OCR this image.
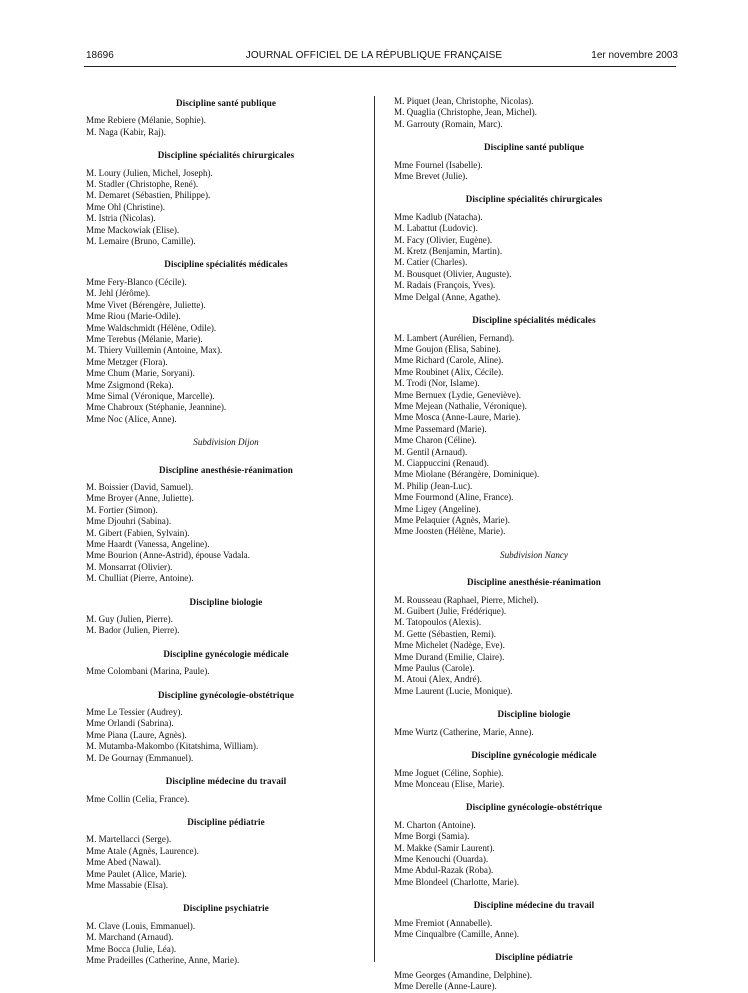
18696	JOURNAL OFFICIEL DE LA RÉPUBLIQUE FRANÇAISE	1er novembre 2003
Discipline santé publique
Mme Rebiere (Mélanie, Sophie).
M. Naga (Kabir, Raj).
Discipline spécialités chirurgicales
M. Loury (Julien, Michel, Joseph).
M. Stadler (Christophe, René).
M. Demaret (Sébastien, Philippe).
Mme Ohl (Christine).
M. Istria (Nicolas).
Mme Mackowiak (Elise).
M. Lemaire (Bruno, Camille).
Discipline spécialités médicales
Mme Fery-Blanco (Cécile).
M. Jehl (Jérôme).
Mme Vivet (Bérengère, Juliette).
Mme Riou (Marie-Odile).
Mme Waldschmidt (Hélène, Odile).
Mme Terebus (Mélanie, Marie).
M. Thiery Vuillemin (Antoine, Max).
Mme Metzger (Flora).
Mme Chum (Marie, Soryani).
Mme Zsigmond (Reka).
Mme Simal (Véronique, Marcelle).
Mme Chabroux (Stéphanie, Jeannine).
Mme Noc (Alice, Anne).
Subdivision Dijon
Discipline anesthésie-réanimation
M. Boissier (David, Samuel).
Mme Broyer (Anne, Juliette).
M. Fortier (Simon).
Mme Djouhri (Sabina).
M. Gibert (Fabien, Sylvain).
Mme Haardt (Vanessa, Angeline).
Mme Bourion (Anne-Astrid), épouse Vadala.
M. Monsarrat (Olivier).
M. Chulliat (Pierre, Antoine).
Discipline biologie
M. Guy (Julien, Pierre).
M. Bador (Julien, Pierre).
Discipline gynécologie médicale
Mme Colombani (Marina, Paule).
Discipline gynécologie-obstétrique
Mme Le Tessier (Audrey).
Mme Orlandi (Sabrina).
Mme Piana (Laure, Agnès).
M. Mutamba-Makombo (Kitatshima, William).
M. De Gournay (Emmanuel).
Discipline médecine du travail
Mme Collin (Celia, France).
Discipline pédiatrie
M. Martellacci (Serge).
Mme Atale (Agnès, Laurence).
Mme Abed (Nawal).
Mme Paulet (Alice, Marie).
Mme Massabie (Elsa).
Discipline psychiatrie
M. Clave (Louis, Emmanuel).
M. Marchand (Arnaud).
Mme Bocca (Julie, Léa).
Mme Pradeilles (Catherine, Anne, Marie).
M. Piquet (Jean, Christophe, Nicolas).
M. Quaglia (Christophe, Jean, Michel).
M. Garrouty (Romain, Marc).
Discipline santé publique
Mme Fournel (Isabelle).
Mme Brevet (Julie).
Discipline spécialités chirurgicales
Mme Kadlub (Natacha).
M. Labattut (Ludovic).
M. Facy (Olivier, Eugène).
M. Kretz (Benjamin, Martin).
M. Catier (Charles).
M. Bousquet (Olivier, Auguste).
M. Radais (François, Yves).
Mme Delgal (Anne, Agathe).
Discipline spécialités médicales
M. Lambert (Aurélien, Fernand).
Mme Goujon (Elisa, Sabine).
Mme Richard (Carole, Aline).
Mme Roubinet (Alix, Cécile).
M. Trodi (Nor, Islame).
Mme Bernuex (Lydie, Geneviève).
Mme Mejean (Nathalie, Véronique).
Mme Mosca (Anne-Laure, Marie).
Mme Passemard (Marie).
Mme Charon (Céline).
M. Gentil (Arnaud).
M. Ciappuccini (Renaud).
Mme Miolane (Bérangère, Dominique).
M. Philip (Jean-Luc).
Mme Fourmond (Aline, France).
Mme Ligey (Angeline).
Mme Pelaquier (Agnès, Marie).
Mme Joosten (Hélène, Marie).
Subdivision Nancy
Discipline anesthésie-réanimation
M. Rousseau (Raphael, Pierre, Michel).
M. Guibert (Julie, Frédérique).
M. Tatopoulos (Alexis).
M. Gette (Sébastien, Remi).
Mme Michelet (Nadège, Eve).
Mme Durand (Emilie, Claire).
Mme Paulus (Carole).
M. Atoui (Alex, André).
Mme Laurent (Lucie, Monique).
Discipline biologie
Mme Wurtz (Catherine, Marie, Anne).
Discipline gynécologie médicale
Mme Joguet (Céline, Sophie).
Mme Monceau (Elise, Marie).
Discipline gynécologie-obstétrique
M. Charton (Antoine).
Mme Borgi (Samia).
M. Makke (Samir Laurent).
Mme Kenouchi (Ouarda).
Mme Abdul-Razak (Roba).
Mme Blondeel (Charlotte, Marie).
Discipline médecine du travail
Mme Fremiot (Annabelle).
Mme Cinqualbre (Camille, Anne).
Discipline pédiatrie
Mme Georges (Amandine, Delphine).
Mme Derelle (Anne-Laure).
